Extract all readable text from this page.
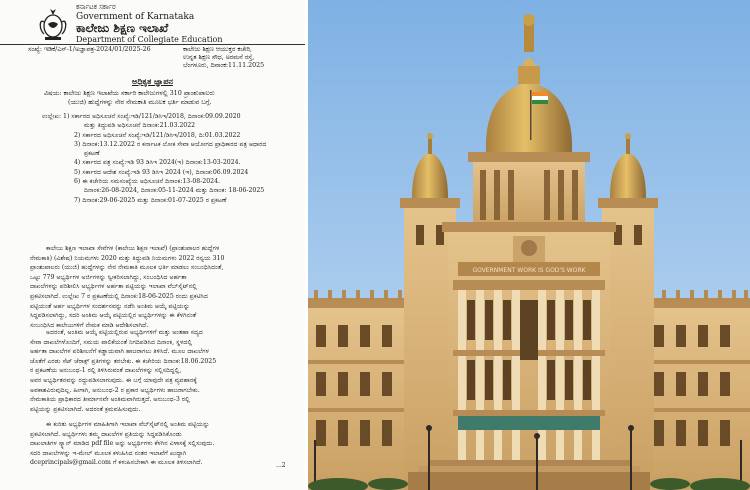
ಕರ್ನಾಟಕ ಸರ್ಕಾರ
Government of Karnataka
ಕಾಲೇಜು ಶಿಕ್ಷಣ ಇಲಾಖೆ
Department of Collegiate Education
ಸಂಖ್ಯೆ: ಇಡಿಕೆ/ಎಸ್-1/ಅಜ್ಞಾಪತ್ರ-2024/01/2025-26	ಕಾಲೇಜು ಶಿಕ್ಷಣ ಆಯುಕ್ತರ ಕಚೇರಿ,
ಉನ್ನತ ಶಿಕ್ಷಣ ಸೌಧ, ಅರಮನೆ ರಸ್ತೆ,
ಬೆಂಗಳೂರು, ದಿನಾಂಕ:11.11.2025
ಅಧಿಕೃತ ಜ್ಞಾಪನ
ವಿಷಯ: ಕಾಲೇಜು ಶಿಕ್ಷಣ ಇಲಾಖೆಯ ಸರ್ಕಾರಿ ಕಾಲೇಜುಗಳಲ್ಲಿ 310 ಪ್ರಾಂಶುಪಾಲರು
(ಯುಜಿ) ಹುದ್ದೆಗಳನ್ನು ನೇರ ನೇಮಕಾತಿ ಮೂಲಕ ಭರ್ತಿ ಮಾಡುವ ಬಗ್ಗೆ.
ಉಲ್ಲೇಖ: 1) ಸರ್ಕಾರದ ಅಧಿಸೂಚನೆ ಸಂಖ್ಯೆ:ಇಡಿ/121/ಡಿಸಿಇ/2018, ದಿನಾಂಕ:09.09.2020
ಮತ್ತು ತಿದ್ದುಪಡಿ ಅಧಿಸೂಚನೆ ದಿನಾಂಕ:21.03.2022
2) ಸರ್ಕಾರದ ಅಧಿಸೂಚನೆ ಸಂಖ್ಯೆ:ಇಡಿ/121/ಡಿಸಿಇ/2018, ದಿ:01.03.2022
3) ದಿನಾಂಕ:13.12.2022 ರ ಕರ್ನಾಟಕ ಲೋಕ ಸೇವಾ ಆಯೋಗದ ಪ್ರಾಧಿಕಾರದ ಪತ್ರ ಆಧಾರದ
ಪ್ರಕಟಣೆ
4) ಸರ್ಕಾರದ ಪತ್ರ ಸಂಖ್ಯೆ:ಇಡಿ 93 ಡಿಸಿಇ 2024(ಇ) ದಿನಾಂಕ:13-03-2024.
5) ಸರ್ಕಾರದ ಆದೇಶ ಸಂಖ್ಯೆ:ಇಡಿ 93 ಡಿಸಿಇ 2024 (ಇ), ದಿನಾಂಕ:06.09.2024
6) ಈ ಕಚೇರಿಯ ಸಮಸಂಖ್ಯೆಯ ಅಧಿಸೂಚನೆ ದಿನಾಂಕ:13-08-2024.
ದಿನಾಂಕ:26-08-2024, ದಿನಾಂಕ:05-11-2024 ಮತ್ತು ದಿನಾಂಕ: 18-06-2025
7) ದಿನಾಂಕ:29-06-2025 ಮತ್ತು ದಿನಾಂಕ:01-07-2025 ರ ಪ್ರಕಟಣೆ
ಕಾಲೇಜು ಶಿಕ್ಷಣ ಇಲಾಖಾ ಸೇವೆಗಳ (ಕಾಲೇಜು ಶಿಕ್ಷಣ ಇಲಾಖೆ) (ಪ್ರಾಂಶುಪಾಲರ ಹುದ್ದೆಗಳ
ನೇಮಕಾತಿ) (ವಿಶೇಷ) ನಿಯಮಗಳು 2020 ಮತ್ತು ತಿದ್ದುಪಡಿ ನಿಯಮಗಳು 2022 ರನ್ವಯ 310
ಪ್ರಾಂಶುಪಾಲರು (ಯುಜಿ) ಹುದ್ದೆಗಳನ್ನು ನೇರ ನೇಮಕಾತಿ ಮೂಲಕ ಭರ್ತಿ ಮಾಡಲು ಸಂಬಂಧಿಸಿದಂತೆ,
ಒಟ್ಟು 779 ಅಭ್ಯರ್ಥಿಗಳ ಅರ್ಜಿಗಳನ್ನು ಸ್ವೀಕರಿಸಲಾಗಿದ್ದು, ಸಂಬಂಧಿಸಿದ ಅರ್ಹತಾ
ದಾಖಲೆಗಳನ್ನು ಪರಿಶೀಲಿಸಿ ಅಭ್ಯರ್ಥಿಗಳ ಅರ್ಹತಾ ಪಟ್ಟಿಯನ್ನು ಇಲಾಖಾ ವೆಬ್‌ಸೈಟ್‌ನಲ್ಲಿ
ಪ್ರಕಟಿಸಲಾಗಿದೆ. ಉಲ್ಲೇಖ 7 ರ ಪ್ರಕಟಣೆಯಲ್ಲಿ ದಿನಾಂಕ:18-06-2025 ರಂದು ಪ್ರಕಟಿಸಿದ
ಪಟ್ಟಿಯಂತೆ ಅರ್ಹ ಅಭ್ಯರ್ಥಿಗಳ ಸಂದರ್ಶನವನ್ನು ನಡೆಸಿ ಅಂತಿಮ ಆಯ್ಕೆ ಪಟ್ಟಿಯನ್ನು
ಸಿದ್ಧಪಡಿಸಲಾಗಿದ್ದು, ಸದರಿ ಅಂತಿಮ ಆಯ್ಕೆ ಪಟ್ಟಿಯಲ್ಲಿನ ಅಭ್ಯರ್ಥಿಗಳನ್ನು ಈ ಕೆಳಗಿನಂತೆ
ಸಂಬಂಧಿಸಿದ ಕಾಲೇಜುಗಳಿಗೆ ನೇಮಕ ಮಾಡಿ ಆದೇಶಿಸಲಾಗಿದೆ.
ಅದರಂತೆ, ಅಂತಿಮ ಆಯ್ಕೆ ಪಟ್ಟಿಯಲ್ಲಿರುವ ಅಭ್ಯರ್ಥಿಗಳಿಗೆ ಮತ್ತು ಅಂತಹಾ ಸದ್ಯದ
ಸೇವಾ ದಾಖಲೆಗಳೊಂದಿಗೆ, ಸಮಯ ಪಾಲಿಕೆಯಂತೆ ನಿಗದಿಪಡಿಸಿದ ದಿನಾಂಕ, ಸ್ಥಳದಲ್ಲಿ
ಅರ್ಹತಾ ದಾಖಲೆಗಳ ಪರಿಶೀಲನೆಗೆ ಕಡ್ಡಾಯವಾಗಿ ಹಾಜರಾಗಲು ತಿಳಿಸಿದೆ. ಮೂಲ ದಾಖಲೆಗಳ
ಜೊತೆಗೆ ಎರಡು ಸೆಟ್ ಜೆರಾಕ್ಸ್ ಪ್ರತಿಗಳನ್ನು ತರಬೇಕು. ಈ ಕಚೇರಿಯ ದಿನಾಂಕ:18.06.2025
ರ ಪ್ರಕಟಣೆಯ ಅನುಬಂಧ-1 ರಲ್ಲಿ ತಿಳಿಸಿರುವಂತೆ ದಾಖಲೆಗಳನ್ನು ಸಲ್ಲಿಸದಿದ್ದಲ್ಲಿ,
ಅವರ ಅಭ್ಯರ್ಥಿತನವನ್ನು ರದ್ದುಪಡಿಸಲಾಗುವುದು. ಈ ಬಗ್ಗೆ ಯಾವುದೇ ಪತ್ರ ವ್ಯವಹಾರಕ್ಕೆ
ಅವಕಾಶವಿರುವುದಿಲ್ಲ. ಹೀಗಾಗಿ, ಅನುಬಂಧ-2 ರ ಪ್ರಕಾರ ಅಭ್ಯರ್ಥಿಗಳು ಹಾಜರಾಗಬೇಕು.
ನೇಮಕಾತಿಯ ಪ್ರಾಧಿಕಾರದ ತೀರ್ಮಾನವೇ ಅಂತಿಮವಾಗಿರುತ್ತದೆ. ಅನುಬಂಧ-3 ರಲ್ಲಿ
ಪಟ್ಟಿಯನ್ನು ಪ್ರಕಟಿಸಲಾಗಿದೆ. ಅದರಂತೆ ಕ್ರಮವಹಿಸುವುದು.
ಈ ಕುರಿತು ಅಭ್ಯರ್ಥಿಗಳ ಮಾಹಿತಿಗಾಗಿ ಇಲಾಖಾ ವೆಬ್‌ಸೈಟ್‌ನಲ್ಲಿ ಅಂತಿಮ ಪಟ್ಟಿಯನ್ನು
ಪ್ರಕಟಿಸಲಾಗಿದೆ. ಅಭ್ಯರ್ಥಿಗಳು ತಮ್ಮ ದಾಖಲೆಗಳ ಪ್ರತಿಯನ್ನು ಸಿದ್ಧಪಡಿಸಿಕೊಂಡು
ದಾಖಲಾತಿಗಳ ಸ್ಕ್ಯಾನ್ ಮಾಡಿದ pdf file ಅನ್ನು ಅಭ್ಯರ್ಥಿಗಳು ಕೆಳಗಿನ ವಿಳಾಸಕ್ಕೆ ಸಲ್ಲಿಸುವುದು.
ಸದರಿ ದಾಖಲೆಗಳನ್ನು ಇ-ಮೇಲ್ ಮೂಲಕ ಕಳುಹಿಸಿದ ನಂತರ ಇಲಾಖೆಗೆ ಖುದ್ದಾಗಿ
dceprincipals@gmail.com ಗೆ ಕಳುಹಿಸಬೇಕಾಗಿ ಈ ಮೂಲಕ ತಿಳಿಸಲಾಗಿದೆ.	...2
GOVERNMENT WORK IS GOD'S WORK
